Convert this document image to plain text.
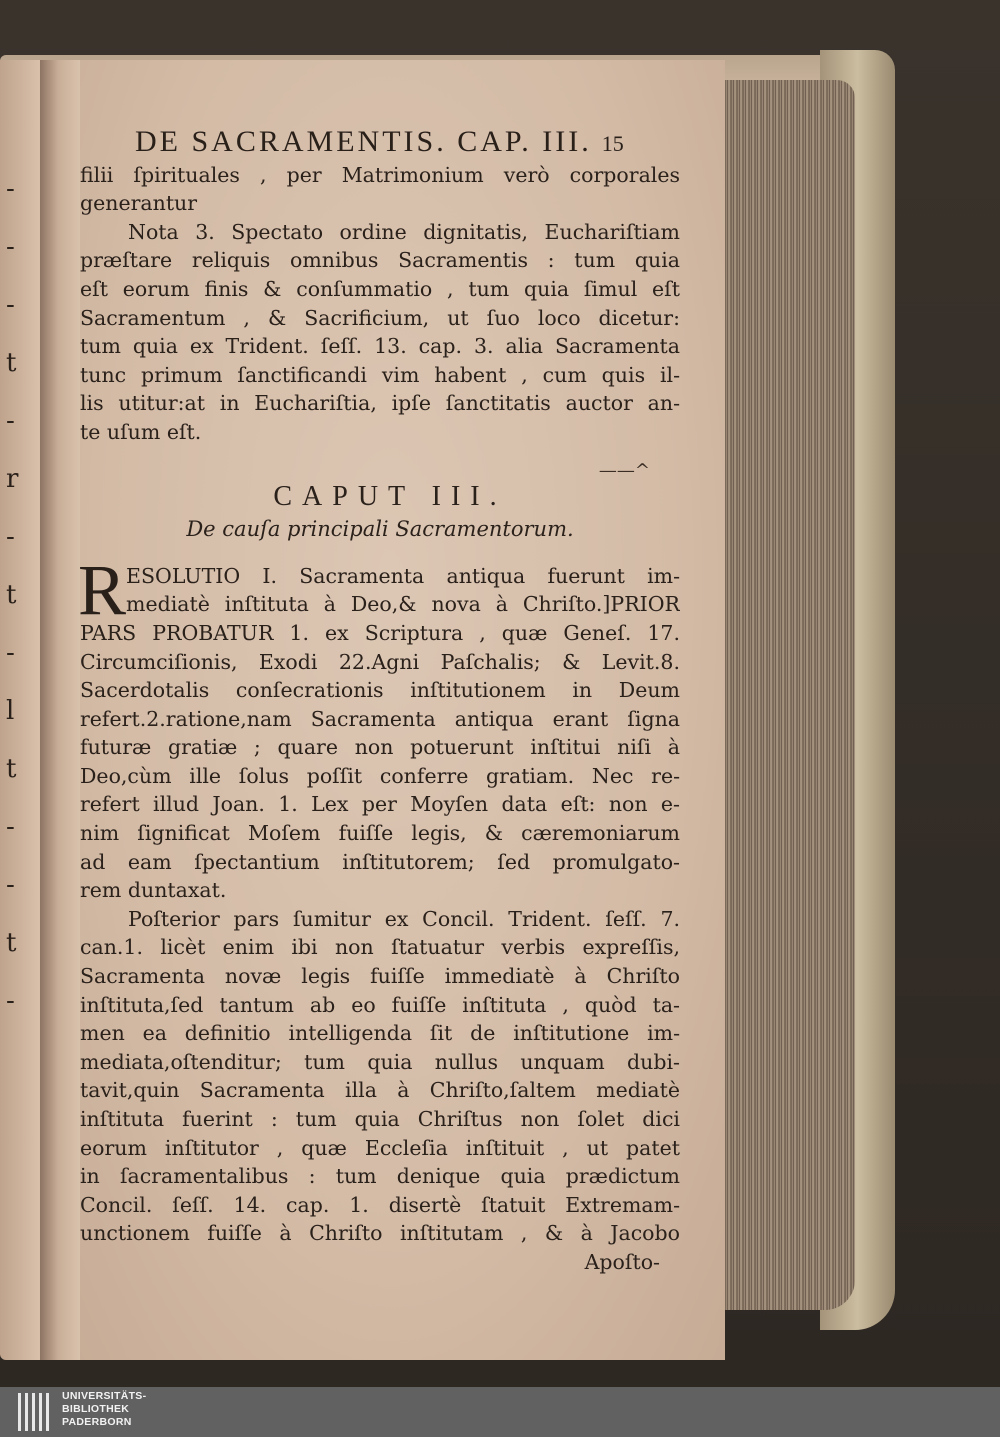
-
-
-
t
-
r
-
t
-
l
t
-
-
t
-
DE SACRAMENTIS. CAP. III. 15
filii ſpirituales , per Matrimonium verò corporales
generantur
Nota 3. Spectato ordine dignitatis, Euchariſtiam
præſtare reliquis omnibus Sacramentis : tum quia
eſt eorum finis & conſummatio , tum quia ſimul eſt
Sacramentum , & Sacrificium, ut ſuo loco dicetur:
tum quia ex Trident. ſeſſ. 13. cap. 3. alia Sacramenta
tunc primum ſanctificandi vim habent , cum quis il-
lis utitur:at in Euchariſtia, ipſe ſanctitatis auctor an-
te uſum eſt.
——^
CAPUT III.
De cauſa principali Sacramentorum.
R ESOLUTIO I. Sacramenta antiqua fuerunt im-
mediatè inſtituta à Deo,& nova à Chriſto.]PRIOR
PARS PROBATUR 1. ex Scriptura , quæ Geneſ. 17.
Circumciſionis, Exodi 22.Agni Paſchalis; & Levit.8.
Sacerdotalis conſecrationis inſtitutionem in Deum
refert.2.ratione,nam Sacramenta antiqua erant ſigna
futuræ gratiæ ; quare non potuerunt inſtitui niſi à
Deo,cùm ille ſolus poſſit conferre gratiam. Nec re-
refert illud Joan. 1. Lex per Moyſen data eſt: non e-
nim ſignificat Moſem fuiſſe legis, & cæremoniarum
ad eam ſpectantium inſtitutorem; ſed promulgato-
rem duntaxat.
Poſterior pars ſumitur ex Concil. Trident. ſeſſ. 7.
can.1. licèt enim ibi non ſtatuatur verbis expreſſis,
Sacramenta novæ legis fuiſſe immediatè à Chriſto
inſtituta,ſed tantum ab eo fuiſſe inſtituta , quòd ta-
men ea definitio intelligenda ſit de inſtitutione im-
mediata,oſtenditur; tum quia nullus unquam dubi-
tavit,quin Sacramenta illa à Chriſto,ſaltem mediatè
inſtituta fuerint : tum quia Chriſtus non ſolet dici
eorum inſtitutor , quæ Eccleſia inſtituit , ut patet
in ſacramentalibus : tum denique quia prædictum
Concil. ſeſſ. 14. cap. 1. disertè ſtatuit Extremam-
unctionem fuiſſe à Chriſto inſtitutam , & à Jacobo
Apoſto-
UNIVERSITÄTS-
BIBLIOTHEK
PADERBORN
